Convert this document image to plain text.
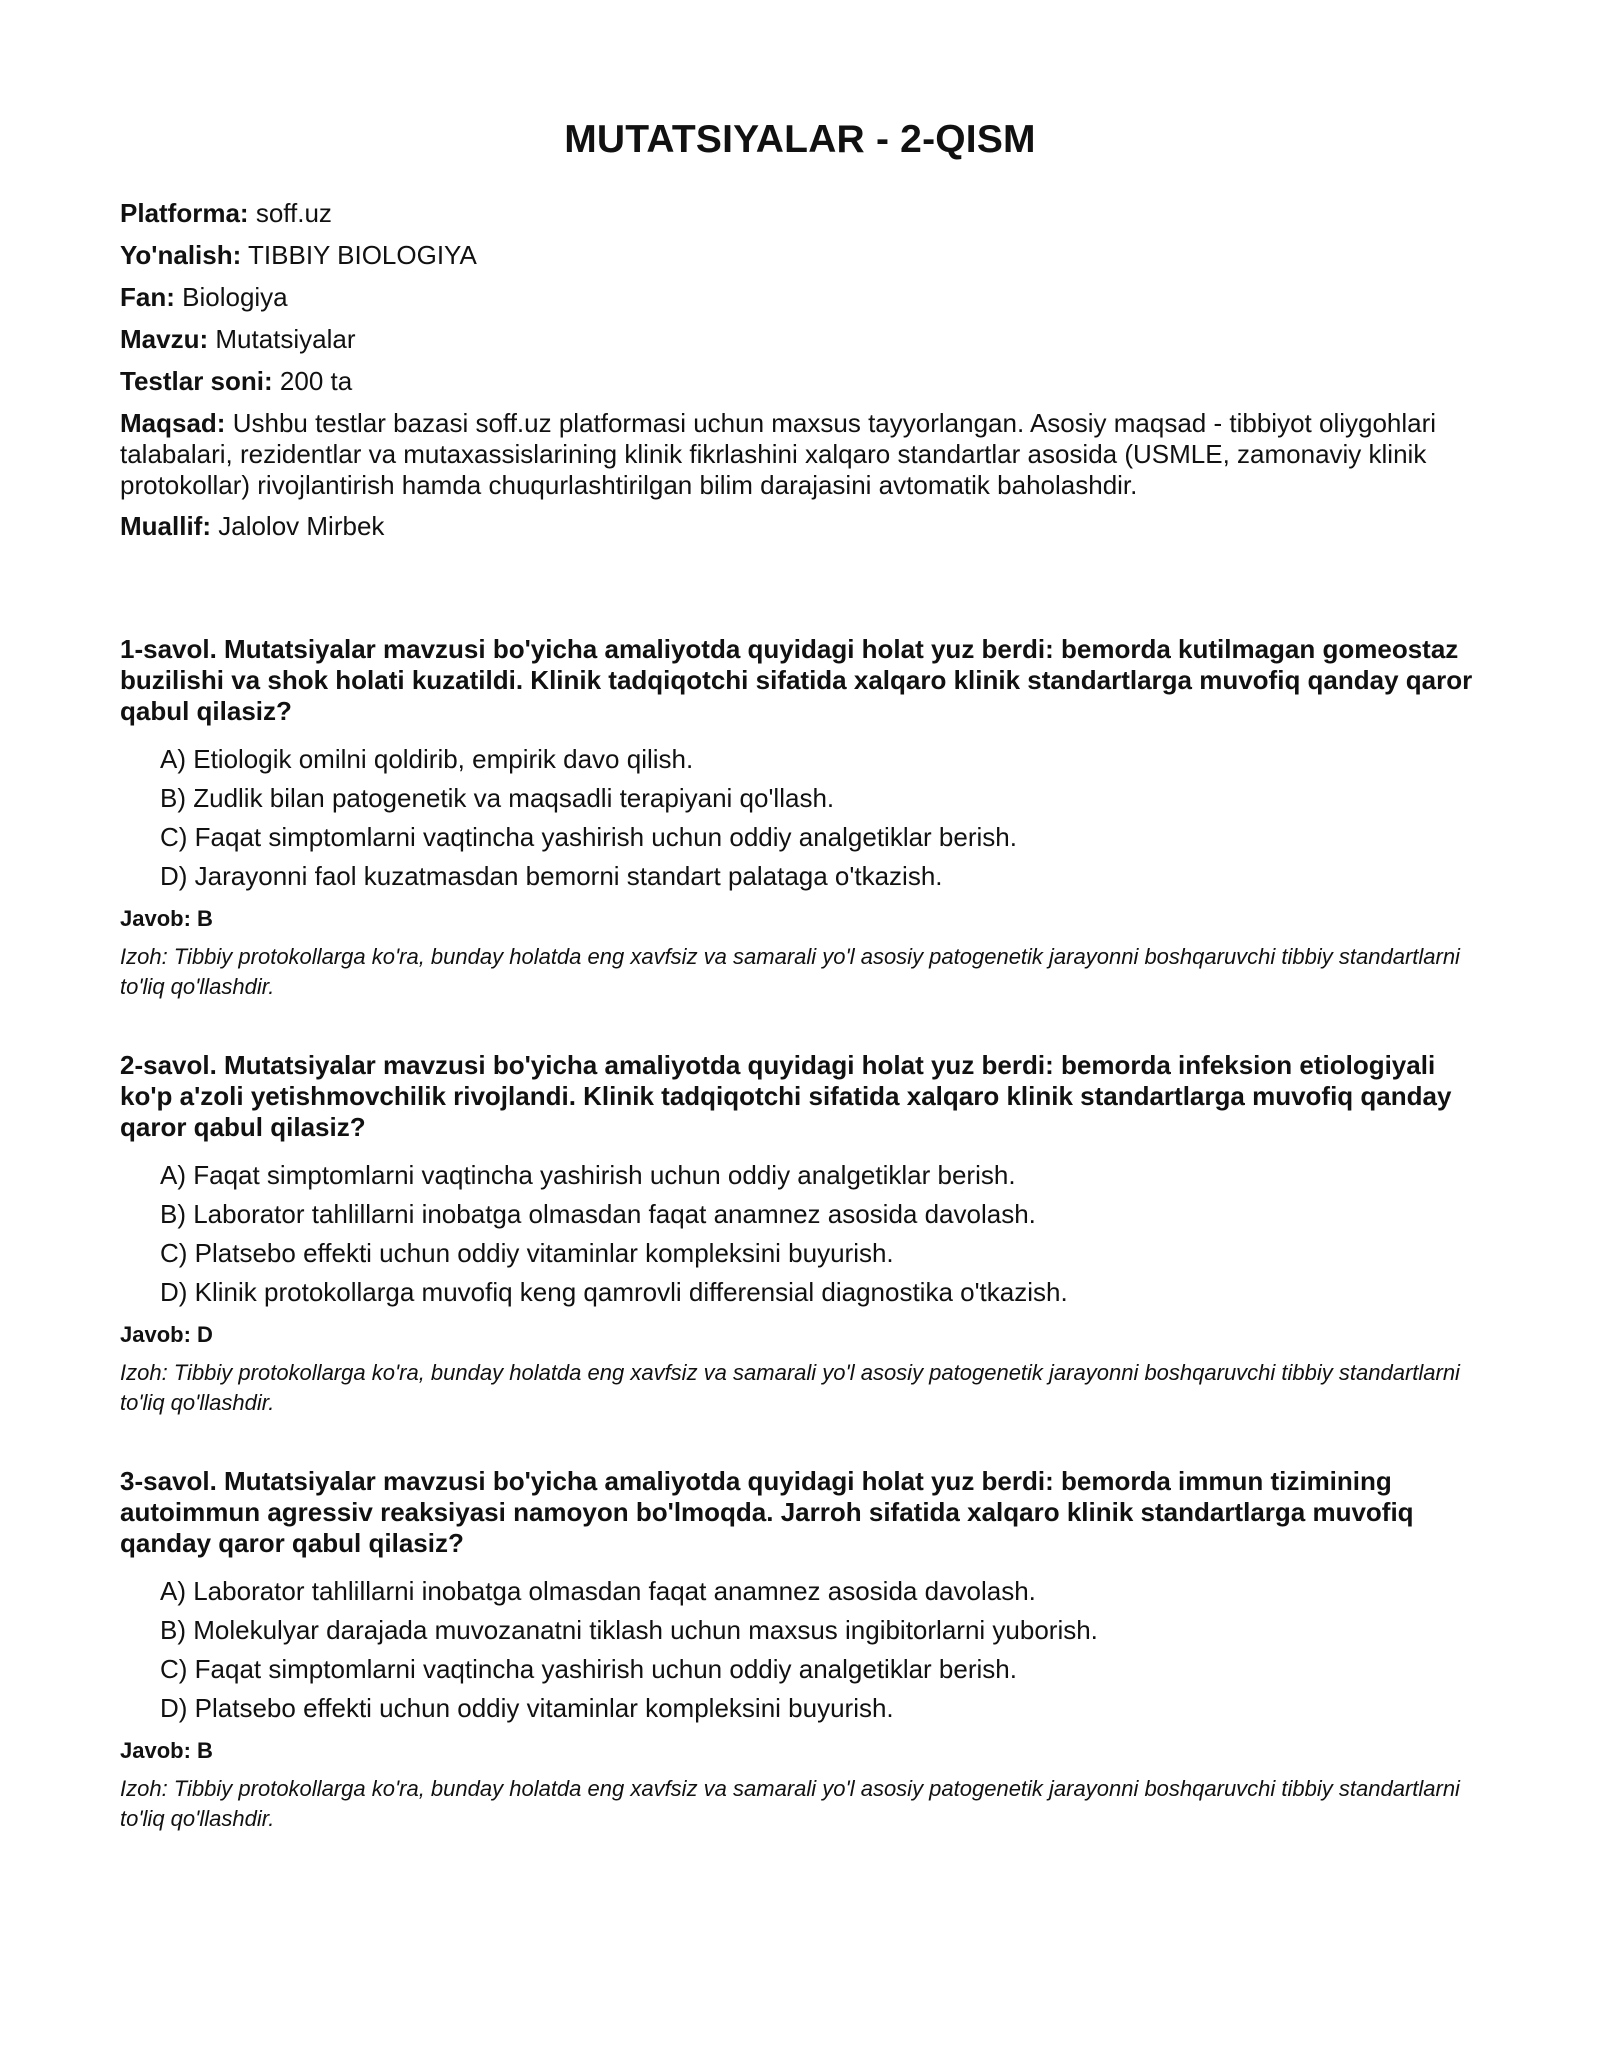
MUTATSIYALAR - 2-QISM

Platforma: soff.uz

Yo'nalish: TIBBIY BIOLOGIYA

Fan: Biologiya

Mavzu: Mutatsiyalar

Testlar soni: 200 ta

Maqsad: Ushbu testlar bazasi soff.uz platformasi uchun maxsus tayyorlangan. Asosiy maqsad - tibbiyot oliygohlari talabalari, rezidentlar va mutaxassislarining klinik fikrlashini xalqaro standartlar asosida (USMLE, zamonaviy klinik protokollar) rivojlantirish hamda chuqurlashtirilgan bilim darajasini avtomatik baholashdir.

Muallif: Jalolov Mirbek

1-savol. Mutatsiyalar mavzusi bo'yicha amaliyotda quyidagi holat yuz berdi: bemorda kutilmagan gomeostaz buzilishi va shok holati kuzatildi. Klinik tadqiqotchi sifatida xalqaro klinik standartlarga muvofiq qanday qaror qabul qilasiz?

A) Etiologik omilni qoldirib, empirik davo qilish.
B) Zudlik bilan patogenetik va maqsadli terapiyani qo'llash.
C) Faqat simptomlarni vaqtincha yashirish uchun oddiy analgetiklar berish.
D) Jarayonni faol kuzatmasdan bemorni standart palataga o'tkazish.

Javob: B

Izoh: Tibbiy protokollarga ko'ra, bunday holatda eng xavfsiz va samarali yo'l asosiy patogenetik jarayonni boshqaruvchi tibbiy standartlarni to'liq qo'llashdir.

2-savol. Mutatsiyalar mavzusi bo'yicha amaliyotda quyidagi holat yuz berdi: bemorda infeksion etiologiyali ko'p a'zoli yetishmovchilik rivojlandi. Klinik tadqiqotchi sifatida xalqaro klinik standartlarga muvofiq qanday qaror qabul qilasiz?

A) Faqat simptomlarni vaqtincha yashirish uchun oddiy analgetiklar berish.
B) Laborator tahlillarni inobatga olmasdan faqat anamnez asosida davolash.
C) Platsebo effekti uchun oddiy vitaminlar kompleksini buyurish.
D) Klinik protokollarga muvofiq keng qamrovli differensial diagnostika o'tkazish.

Javob: D

Izoh: Tibbiy protokollarga ko'ra, bunday holatda eng xavfsiz va samarali yo'l asosiy patogenetik jarayonni boshqaruvchi tibbiy standartlarni to'liq qo'llashdir.

3-savol. Mutatsiyalar mavzusi bo'yicha amaliyotda quyidagi holat yuz berdi: bemorda immun tizimining autoimmun agressiv reaksiyasi namoyon bo'lmoqda. Jarroh sifatida xalqaro klinik standartlarga muvofiq qanday qaror qabul qilasiz?

A) Laborator tahlillarni inobatga olmasdan faqat anamnez asosida davolash.
B) Molekulyar darajada muvozanatni tiklash uchun maxsus ingibitorlarni yuborish.
C) Faqat simptomlarni vaqtincha yashirish uchun oddiy analgetiklar berish.
D) Platsebo effekti uchun oddiy vitaminlar kompleksini buyurish.

Javob: B

Izoh: Tibbiy protokollarga ko'ra, bunday holatda eng xavfsiz va samarali yo'l asosiy patogenetik jarayonni boshqaruvchi tibbiy standartlarni to'liq qo'llashdir.
